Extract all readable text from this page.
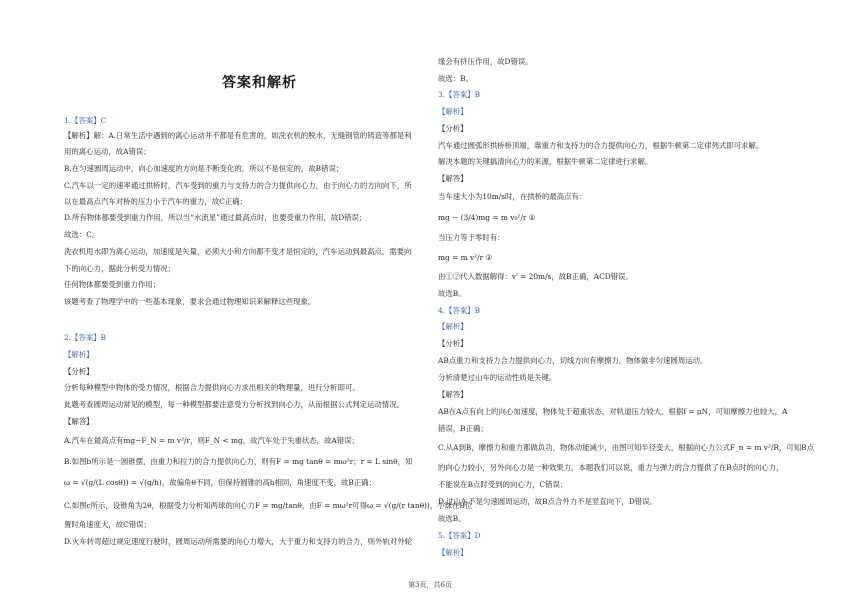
答案和解析
1.【答案】C
【解析】解：A.日常生活中遇到的离心运动并不都是有危害的，如洗衣机的脱水，无缝钢管的铸造等都是利
用的离心运动，故A错误；
B.在匀速圆周运动中，向心加速度的方向是不断变化的，所以不是恒定的，故B错误；
C.汽车以一定的速率通过拱桥时，汽车受到的重力与支持力的合力提供向心力，由于向心力的方向向下，所
以在最高点汽车对桥的压力小于汽车的重力，故C正确；
D.所有物体都要受到重力作用，所以当“水流星”通过最高点时，也要受重力作用，故D错误；
故选：C。
洗衣机甩水即为离心运动，加速度是矢量，必须大小和方向都不变才是恒定的，汽车运动到最高点，需要向
下的向心力，据此分析受力情况；
任何物体都要受到重力作用；
该题考查了物理学中的一些基本现象，要求会通过物理知识来解释这些现象。
2.【答案】B
【解析】
【分析】
分析每种模型中物体的受力情况，根据合力提供向心力求出相关的物理量，进行分析即可。
此题考查圆周运动常见的模型，每一种模型都要注意受力分析找到向心力，从而根据公式判定运动情况。
【解答】
A.汽车在最高点有mg−F_N = m v²/r，则F_N < mg，故汽车处于失重状态，故A错误；
B.如图b所示是一圆锥摆，由重力和拉力的合力提供向心力，则有F = mg tanθ = mω²r；r = L sinθ，知
ω = √(g/(L cosθ)) = √(g/h)，故偏角θ不同，但保持圆锥的高h相同，角速度不变，故B正确；
C.如图c所示，设锥角为2θ，根据受力分析知两球的向心力F = mg/tanθ，由F = mω²r可得ω = √(g/(r tanθ))，小球在B位
置时角速度大，故C错误；
D.火车转弯超过规定速度行驶时，圆周运动所需要的向心力增大，大于重力和支持力的合力，则外轨对外轮
缘会有挤压作用，故D错误。
故选：B。
3.【答案】B
【解析】
【分析】
汽车通过圆弧形拱桥桥顶端，靠重力和支持力的合力提供向心力，根据牛顿第二定律列式即可求解。
解决本题的关键搞清向心力的来源，根据牛顿第二定律进行求解。
【解答】
当车速大小为10m/s时，在拱桥的最高点有：
mg − (3/4)mg = m v₀²/r ①
当压力等于零时有：
mg = m v²/r ②
由①②代入数据解得：v′ = 20m/s，故B正确，ACD错误。
故选B。
4.【答案】B
【解析】
【分析】
AB点重力和支持力合力提供向心力，切线方向有摩擦力，物体做非匀速圆周运动。
分析清楚过山车的运动性质是关键。
【解答】
AB在A点有向上的向心加速度，物体处于超重状态，对轨道压力较大，根据f = μN，可知摩擦力也较大，A
错误，B正确；
C.从A到B，摩擦力和重力都做负功，物体动能减少，由图可知半径变大，根据向心力公式F_n = m v²/R，可知B点
的向心力较小，另外向心力是一种效果力，本题我们可以说，重力与弹力的合力提供了在B点时的向心力，
不能说在B点时受到的向心力，C错误；
D.过山车不是匀速圆周运动，故B点合外力不是竖直向下，D错误。
故选B。
5.【答案】D
【解析】
第3页，共6页
